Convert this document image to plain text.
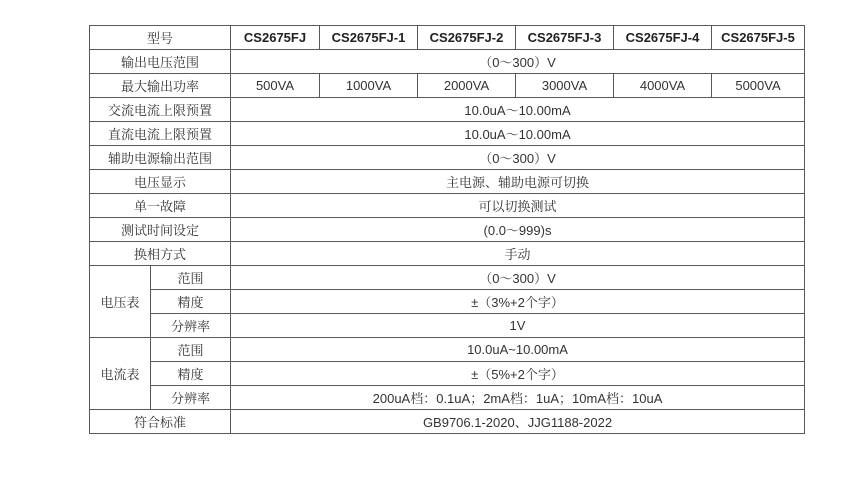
型号		CS2675FJ	CS2675FJ-1	CS2675FJ-2	CS2675FJ-3	CS2675FJ-4	CS2675FJ-5
输出电压范围		（0～300）V					
最大输出功率		500VA	1000VA	2000VA	3000VA	4000VA	5000VA
交流电流上限预置		10.0uA～10.00mA					
直流电流上限预置		10.0uA～10.00mA					
辅助电源输出范围		（0～300）V					
电压显示		主电源、辅助电源可切换					
单一故障		可以切换测试					
测试时间设定		(0.0～999)s					
换相方式		手动					
电压表	范围	（0～300）V					
	精度	±（3%+2个字）					
	分辨率	1V					
电流表	范围	10.0uA~10.00mA					
	精度	±（5%+2个字）					
	分辨率	200uA档：0.1uA；2mA档：1uA；10mA档：10uA					
符合标准		GB9706.1-2020、JJG1188-2022					
